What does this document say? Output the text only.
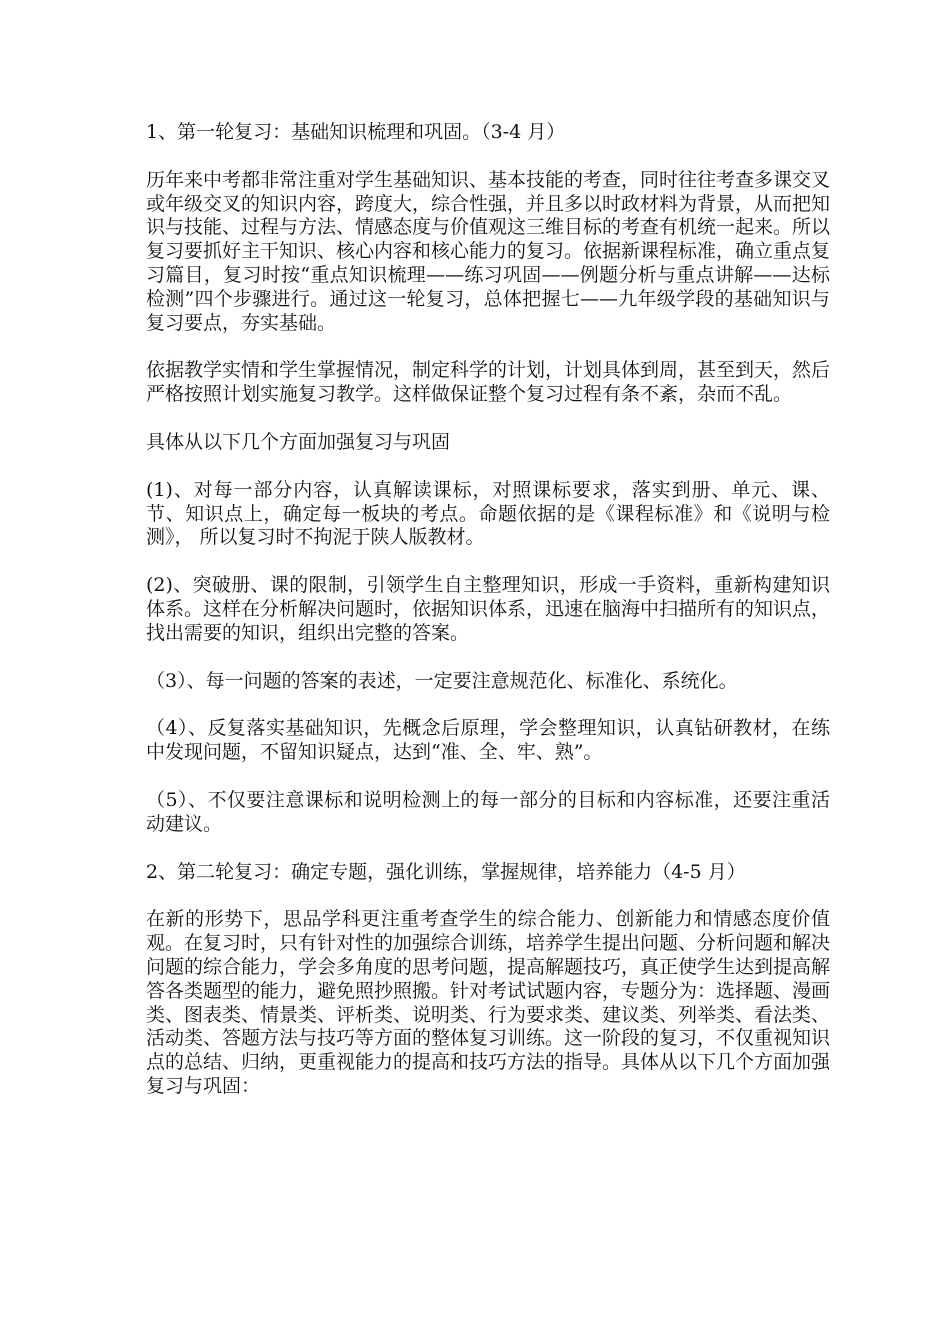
1、第一轮复习：基础知识梳理和巩固。（3-4 月）

历年来中考都非常注重对学生基础知识、基本技能的考查，同时往往考查多课交叉或年级交叉的知识内容，跨度大，综合性强，并且多以时政材料为背景，从而把知识与技能、过程与方法、情感态度与价值观这三维目标的考查有机统一起来。所以复习要抓好主干知识、核心内容和核心能力的复习。依据新课程标准，确立重点复习篇目，复习时按“重点知识梳理——练习巩固——例题分析与重点讲解——达标检测”四个步骤进行。通过这一轮复习，总体把握七——九年级学段的基础知识与复习要点，夯实基础。

依据教学实情和学生掌握情况，制定科学的计划，计划具体到周，甚至到天，然后严格按照计划实施复习教学。这样做保证整个复习过程有条不紊，杂而不乱。

具体从以下几个方面加强复习与巩固

(1)、对每一部分内容，认真解读课标，对照课标要求，落实到册、单元、课、节、知识点上，确定每一板块的考点。命题依据的是《课程标准》和《说明与检测》， 所以复习时不拘泥于陕人版教材。

(2)、突破册、课的限制，引领学生自主整理知识，形成一手资料，重新构建知识体系。这样在分析解决问题时，依据知识体系，迅速在脑海中扫描所有的知识点，找出需要的知识，组织出完整的答案。

（3）、每一问题的答案的表述，一定要注意规范化、标准化、系统化。

（4）、反复落实基础知识，先概念后原理，学会整理知识，认真钻研教材，在练中发现问题，不留知识疑点，达到“准、全、牢、熟”。

（5）、不仅要注意课标和说明检测上的每一部分的目标和内容标准，还要注重活动建议。

2、第二轮复习：确定专题，强化训练，掌握规律，培养能力（4-5 月）

在新的形势下，思品学科更注重考查学生的综合能力、创新能力和情感态度价值观。在复习时，只有针对性的加强综合训练，培养学生提出问题、分析问题和解决问题的综合能力，学会多角度的思考问题，提高解题技巧，真正使学生达到提高解答各类题型的能力，避免照抄照搬。针对考试试题内容，专题分为：选择题、漫画类、图表类、情景类、评析类、说明类、行为要求类、建议类、列举类、看法类、活动类、答题方法与技巧等方面的整体复习训练。这一阶段的复习，不仅重视知识点的总结、归纳，更重视能力的提高和技巧方法的指导。具体从以下几个方面加强复习与巩固：
